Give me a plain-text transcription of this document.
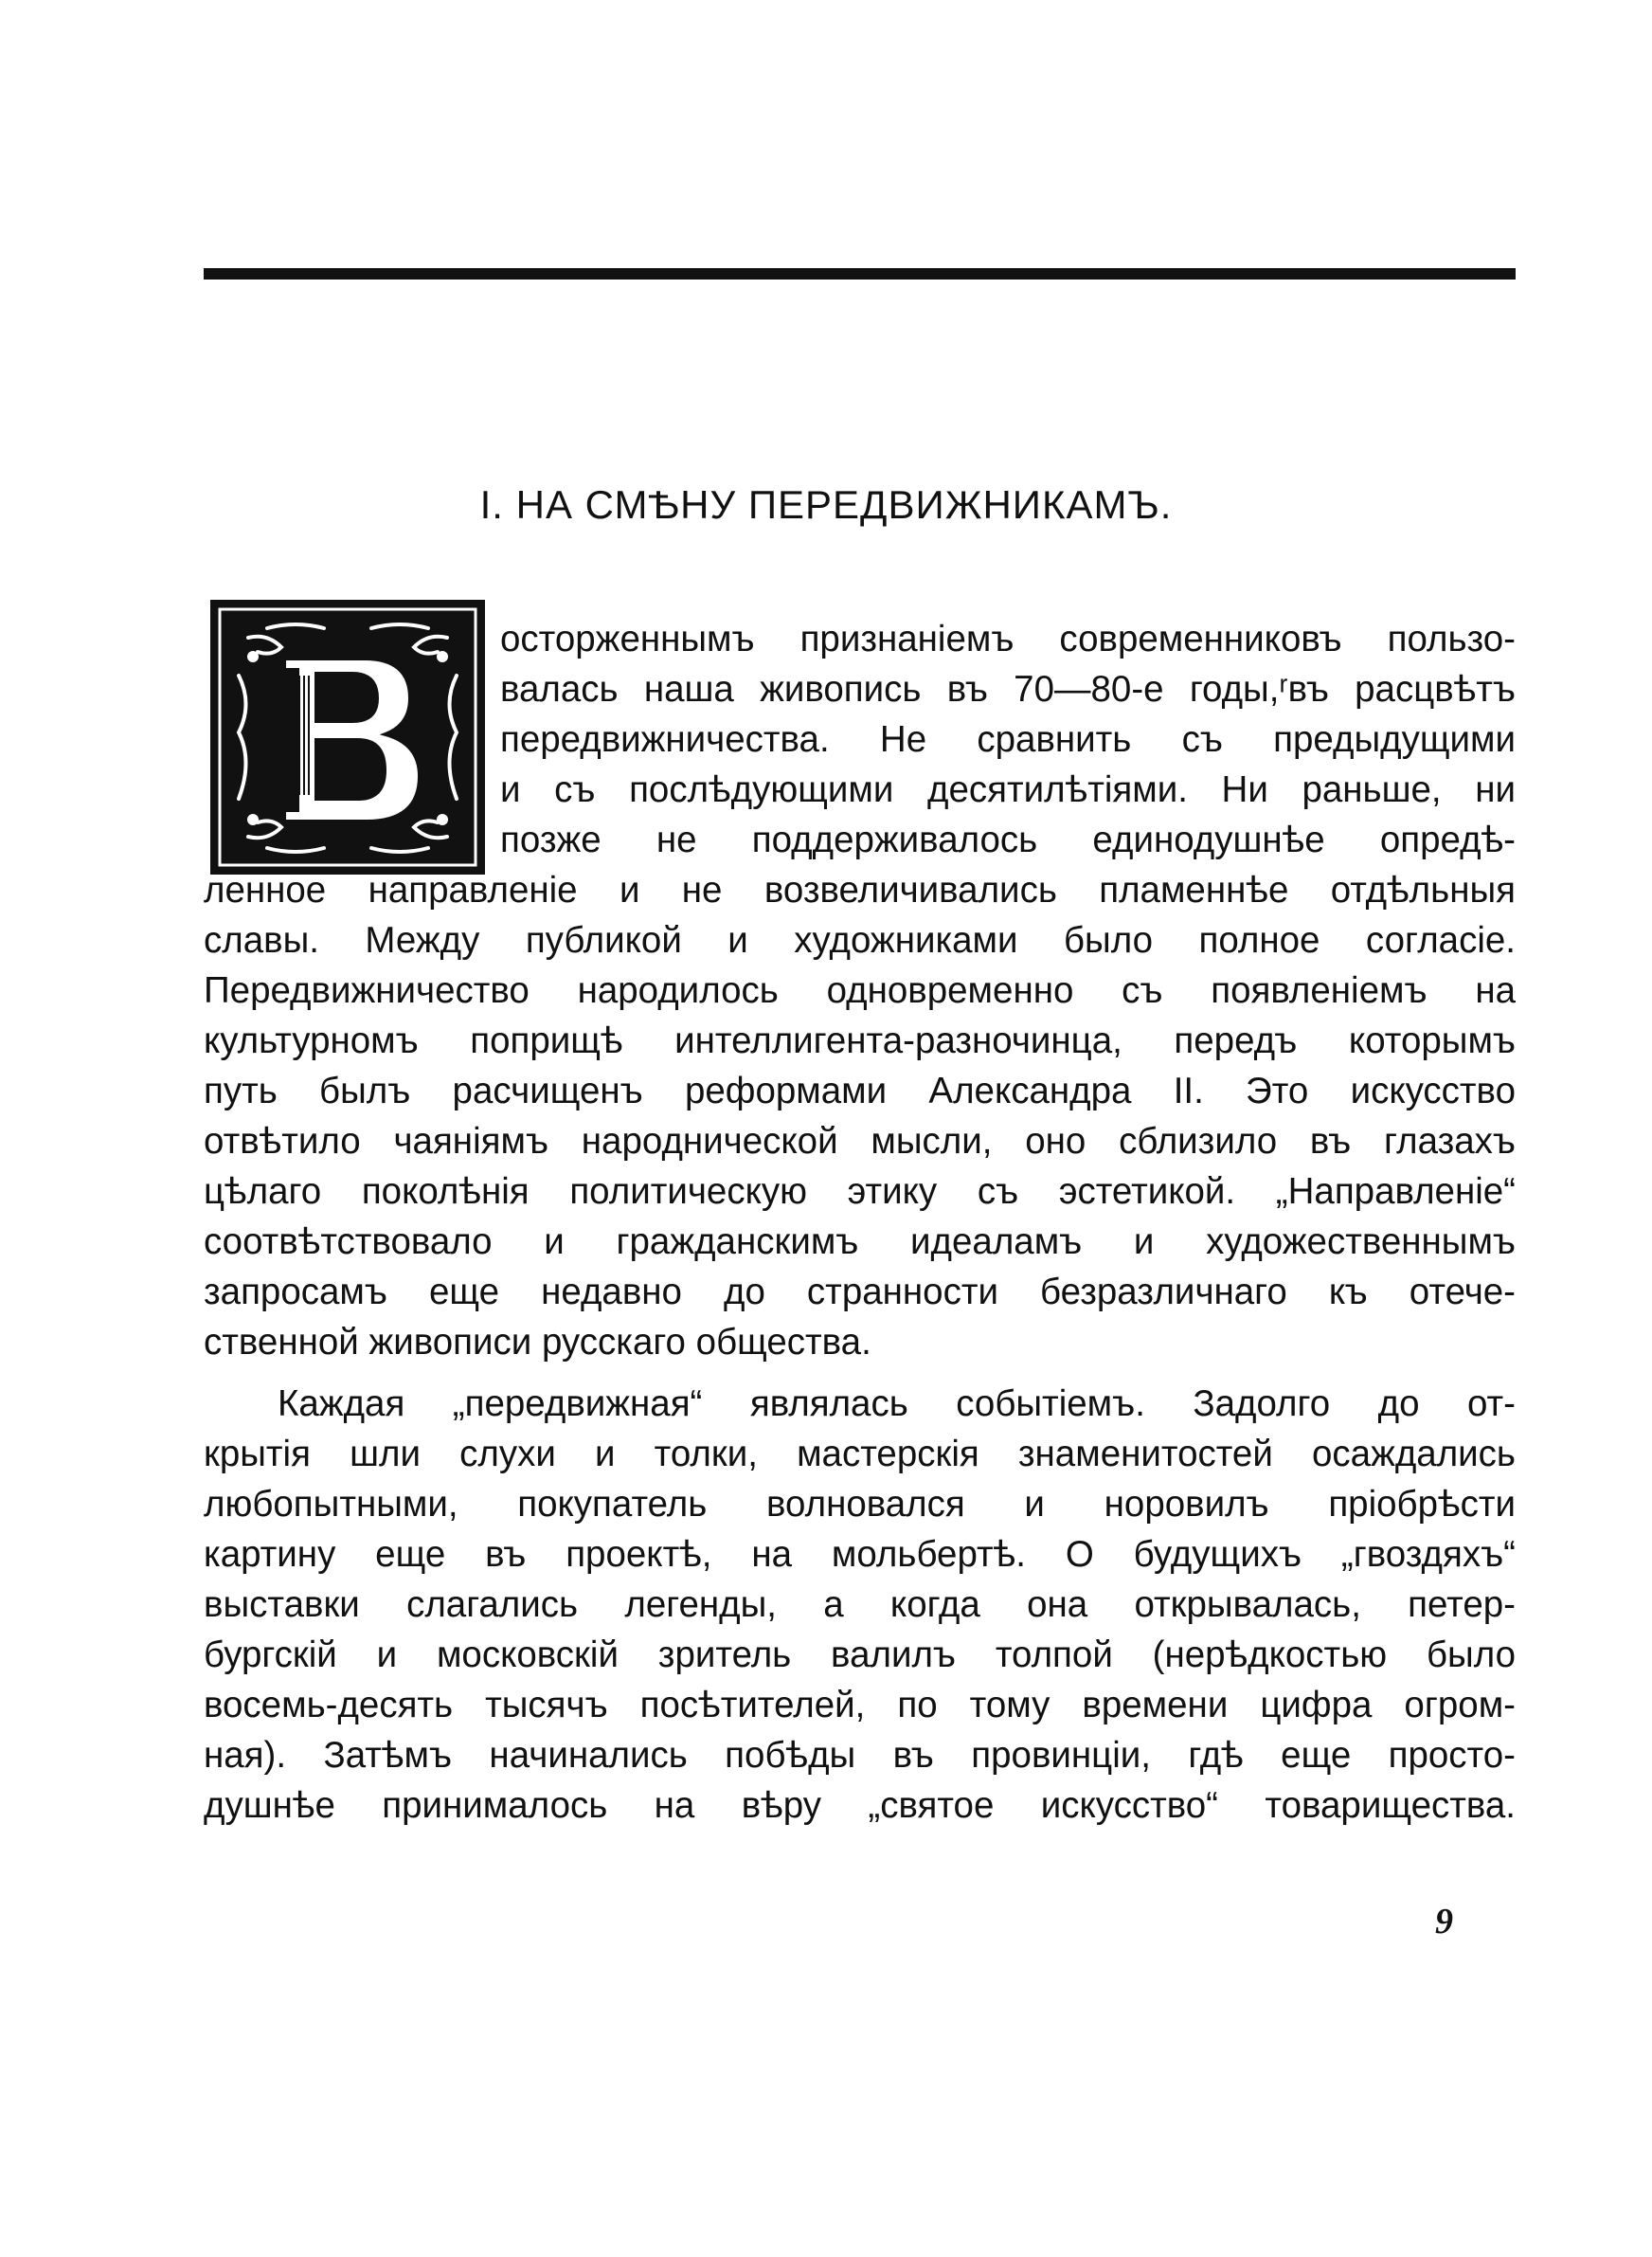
I. НА СМѢНУ ПЕРЕДВИЖНИКАМЪ.
осторженнымъ признаніемъ современниковъ пользо-
валась наша живопись въ 70—80-е годы,ʳвъ расцвѣтъ
передвижничества. Не сравнить съ предыдущими
и съ послѣдующими десятилѣтіями. Ни раньше, ни
позже не поддерживалось единодушнѣе опредѣ-
ленное направленіе и не возвеличивались пламеннѣе отдѣльныя
славы. Между публикой и художниками было полное согласіе.
Передвижничество народилось одновременно съ появленіемъ на
культурномъ поприщѣ интеллигента-разночинца, передъ которымъ
путь былъ расчищенъ реформами Александра II. Это искусство
отвѣтило чаяніямъ народнической мысли, оно сблизило въ глазахъ
цѣлаго поколѣнія политическую этику съ эстетикой. „Направленіе“
соотвѣтствовало и гражданскимъ идеаламъ и художественнымъ
запросамъ еще недавно до странности безразличнаго къ отече-
ственной живописи русскаго общества.
Каждая „передвижная“ являлась событіемъ. Задолго до от-
крытія шли слухи и толки, мастерскія знаменитостей осаждались
любопытными, покупатель волновался и норовилъ пріобрѣсти
картину еще въ проектѣ, на мольбертѣ. О будущихъ „гвоздяхъ“
выставки слагались легенды, а когда она открывалась, петер-
бургскій и московскій зритель валилъ толпой (нерѣдкостью было
восемь-десять тысячъ посѣтителей, по тому времени цифра огром-
ная). Затѣмъ начинались побѣды въ провинціи, гдѣ еще просто-
душнѣе принималось на вѣру „святое искусство“ товарищества.
9
